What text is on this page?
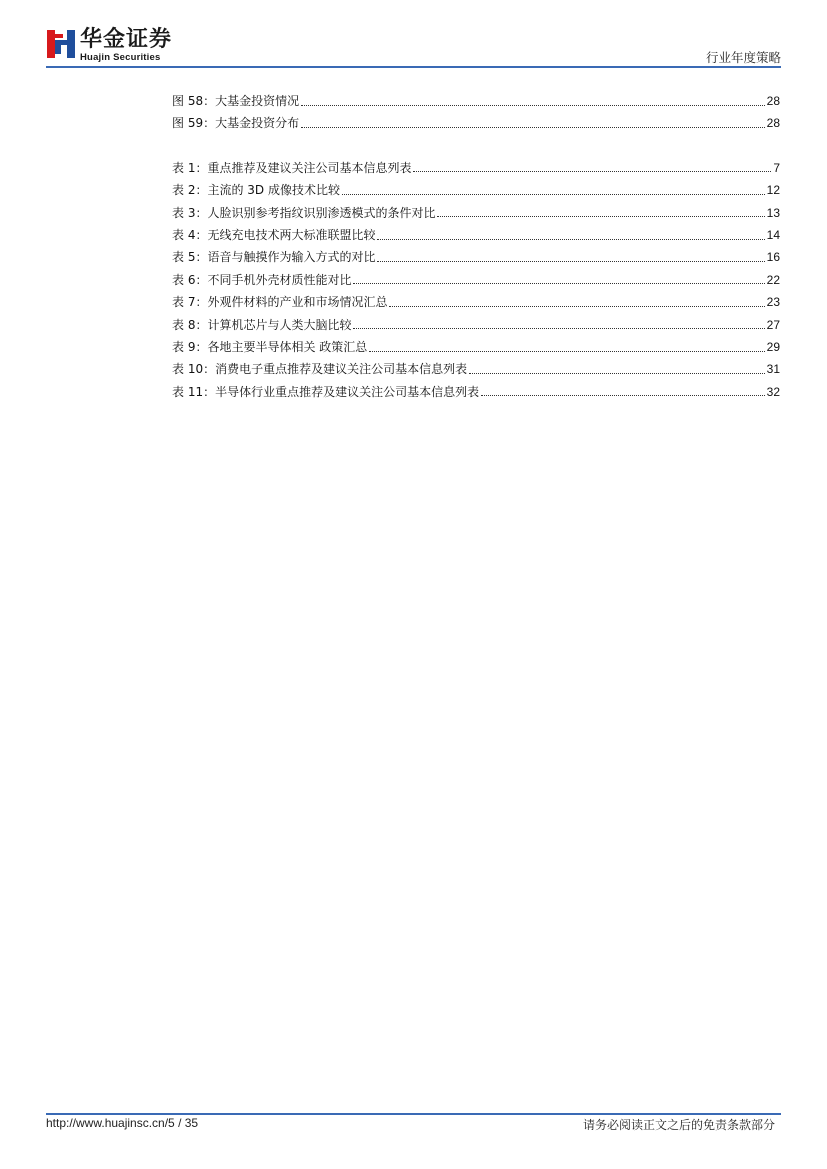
华金证券
Huajin Securities	行业年度策略
图 58：大基金投资情况	28
图 59：大基金投资分布	28
表 1：重点推荐及建议关注公司基本信息列表	7
表 2：主流的 3D 成像技术比较	12
表 3：人脸识别参考指纹识别渗透模式的条件对比	13
表 4：无线充电技术两大标准联盟比较	14
表 5：语音与触摸作为输入方式的对比	16
表 6：不同手机外壳材质性能对比	22
表 7：外观件材料的产业和市场情况汇总	23
表 8：计算机芯片与人类大脑比较	27
表 9：各地主要半导体相关 政策汇总	29
表 10：消费电子重点推荐及建议关注公司基本信息列表	31
表 11：半导体行业重点推荐及建议关注公司基本信息列表	32
http://www.huajinsc.cn/5 / 35	请务必阅读正文之后的免责条款部分
